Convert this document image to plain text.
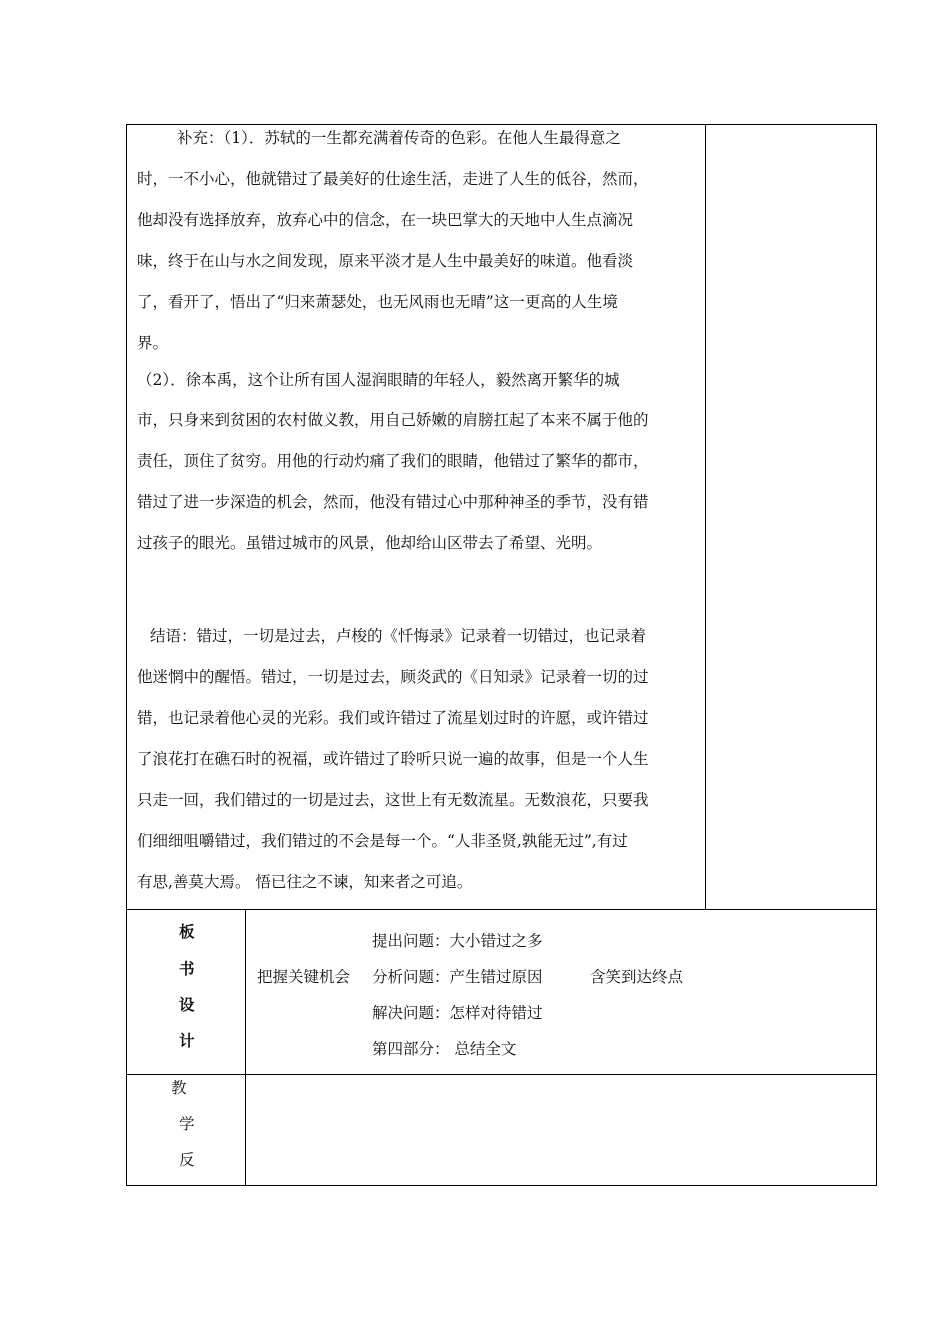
补充：（1）．苏轼的一生都充满着传奇的色彩。在他人生最得意之
时，一不小心，他就错过了最美好的仕途生活，走进了人生的低谷，然而，
他却没有选择放弃，放弃心中的信念，在一块巴掌大的天地中人生点滴况
味，终于在山与水之间发现，原来平淡才是人生中最美好的味道。他看淡
了，看开了，悟出了“归来萧瑟处，也无风雨也无晴”这一更高的人生境
界。
（2）．徐本禹，这个让所有国人湿润眼睛的年轻人，毅然离开繁华的城
市，只身来到贫困的农村做义教，用自己娇嫩的肩膀扛起了本来不属于他的
责任，顶住了贫穷。用他的行动灼痛了我们的眼睛，他错过了繁华的都市，
错过了进一步深造的机会，然而，他没有错过心中那种神圣的季节，没有错
过孩子的眼光。虽错过城市的风景，他却给山区带去了希望、光明。
结语：错过，一切是过去，卢梭的《忏悔录》记录着一切错过，也记录着
他迷惘中的醒悟。错过，一切是过去，顾炎武的《日知录》记录着一切的过
错，也记录着他心灵的光彩。我们或许错过了流星划过时的许愿，或许错过
了浪花打在礁石时的祝福，或许错过了聆听只说一遍的故事，但是一个人生
只走一回，我们错过的一切是过去，这世上有无数流星。无数浪花，只要我
们细细咀嚼错过，我们错过的不会是每一个。“人非圣贤,孰能无过”,有过
有思,善莫大焉。 悟已往之不谏，知来者之可追。
板
书
设
计
把握关键机会
提出问题：大小错过之多
分析问题：产生错过原因
解决问题：怎样对待错过
第四部分： 总结全文
含笑到达终点
教
学
反
